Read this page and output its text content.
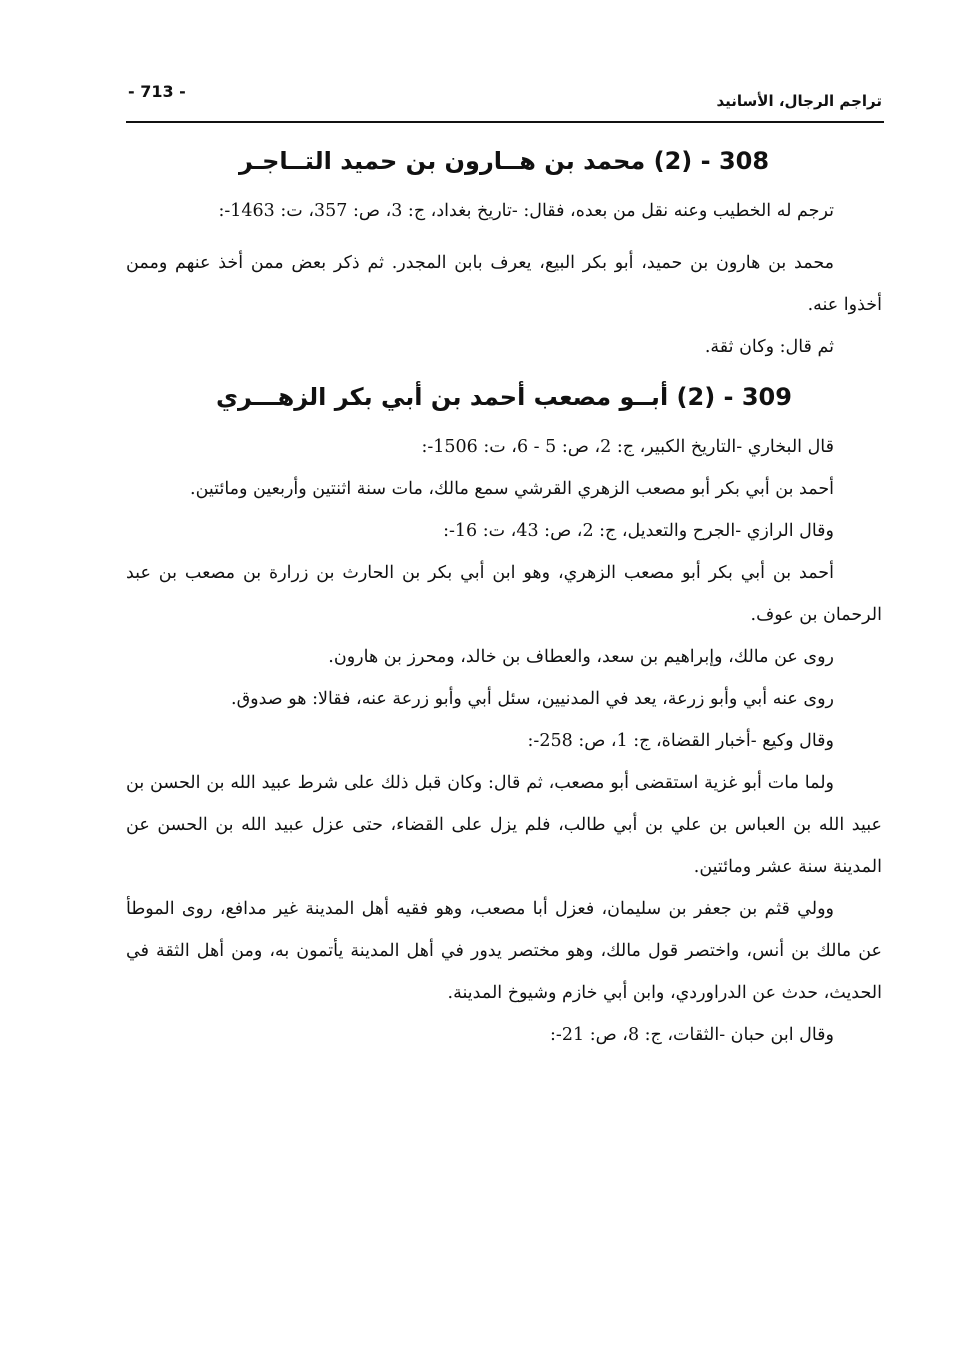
تراجم الرجال، الأسانيد
- 713 -
308 - (2) محمد بن هــارون بن حميد التــاجـر

ترجم له الخطيب وعنه نقل من بعده، فقال: -تاريخ بغداد، ج: 3، ص: 357، ت: 1463-:

محمد بن هارون بن حميد، أبو بكر البيع، يعرف بابن المجدر. ثم ذكر بعض ممن أخذ عنهم وممن أخذوا عنه.

ثم قال: وكان ثقة.

309 - (2) أبــو مصعب أحمد بن أبي بكر الزهـــري

قال البخاري -التاريخ الكبير، ج: 2، ص: 5 - 6، ت: 1506-:

أحمد بن أبي بكر أبو مصعب الزهري القرشي سمع مالك، مات سنة اثنتين وأربعين ومائتين.

وقال الرازي -الجرح والتعديل، ج: 2، ص: 43، ت: 16-:

أحمد بن أبي بكر أبو مصعب الزهري، وهو ابن أبي بكر بن الحارث بن زرارة بن مصعب بن عبد الرحمان بن عوف.

روى عن مالك، وإبراهيم بن سعد، والعطاف بن خالد، ومحرز بن هارون.

روى عنه أبي وأبو زرعة، يعد في المدنيين، سئل أبي وأبو زرعة عنه، فقالا: هو صدوق.

وقال وكيع -أخبار القضاة، ج: 1، ص: 258-:

ولما مات أبو غزية استقضى أبو مصعب، ثم قال: وكان قبل ذلك على شرط عبيد الله بن الحسن بن عبيد الله بن العباس بن علي بن أبي طالب، فلم يزل على القضاء، حتى عزل عبيد الله بن الحسن عن المدينة سنة عشر ومائتين.

وولي قثم بن جعفر بن سليمان، فعزل أبا مصعب، وهو فقيه أهل المدينة غير مدافع، روى الموطأ عن مالك بن أنس، واختصر قول مالك، وهو مختصر يدور في أهل المدينة يأتمون به، ومن أهل الثقة في الحديث، حدث عن الدراوردي، وابن أبي خازم وشيوخ المدينة.

وقال ابن حبان -الثقات، ج: 8، ص: 21-:
